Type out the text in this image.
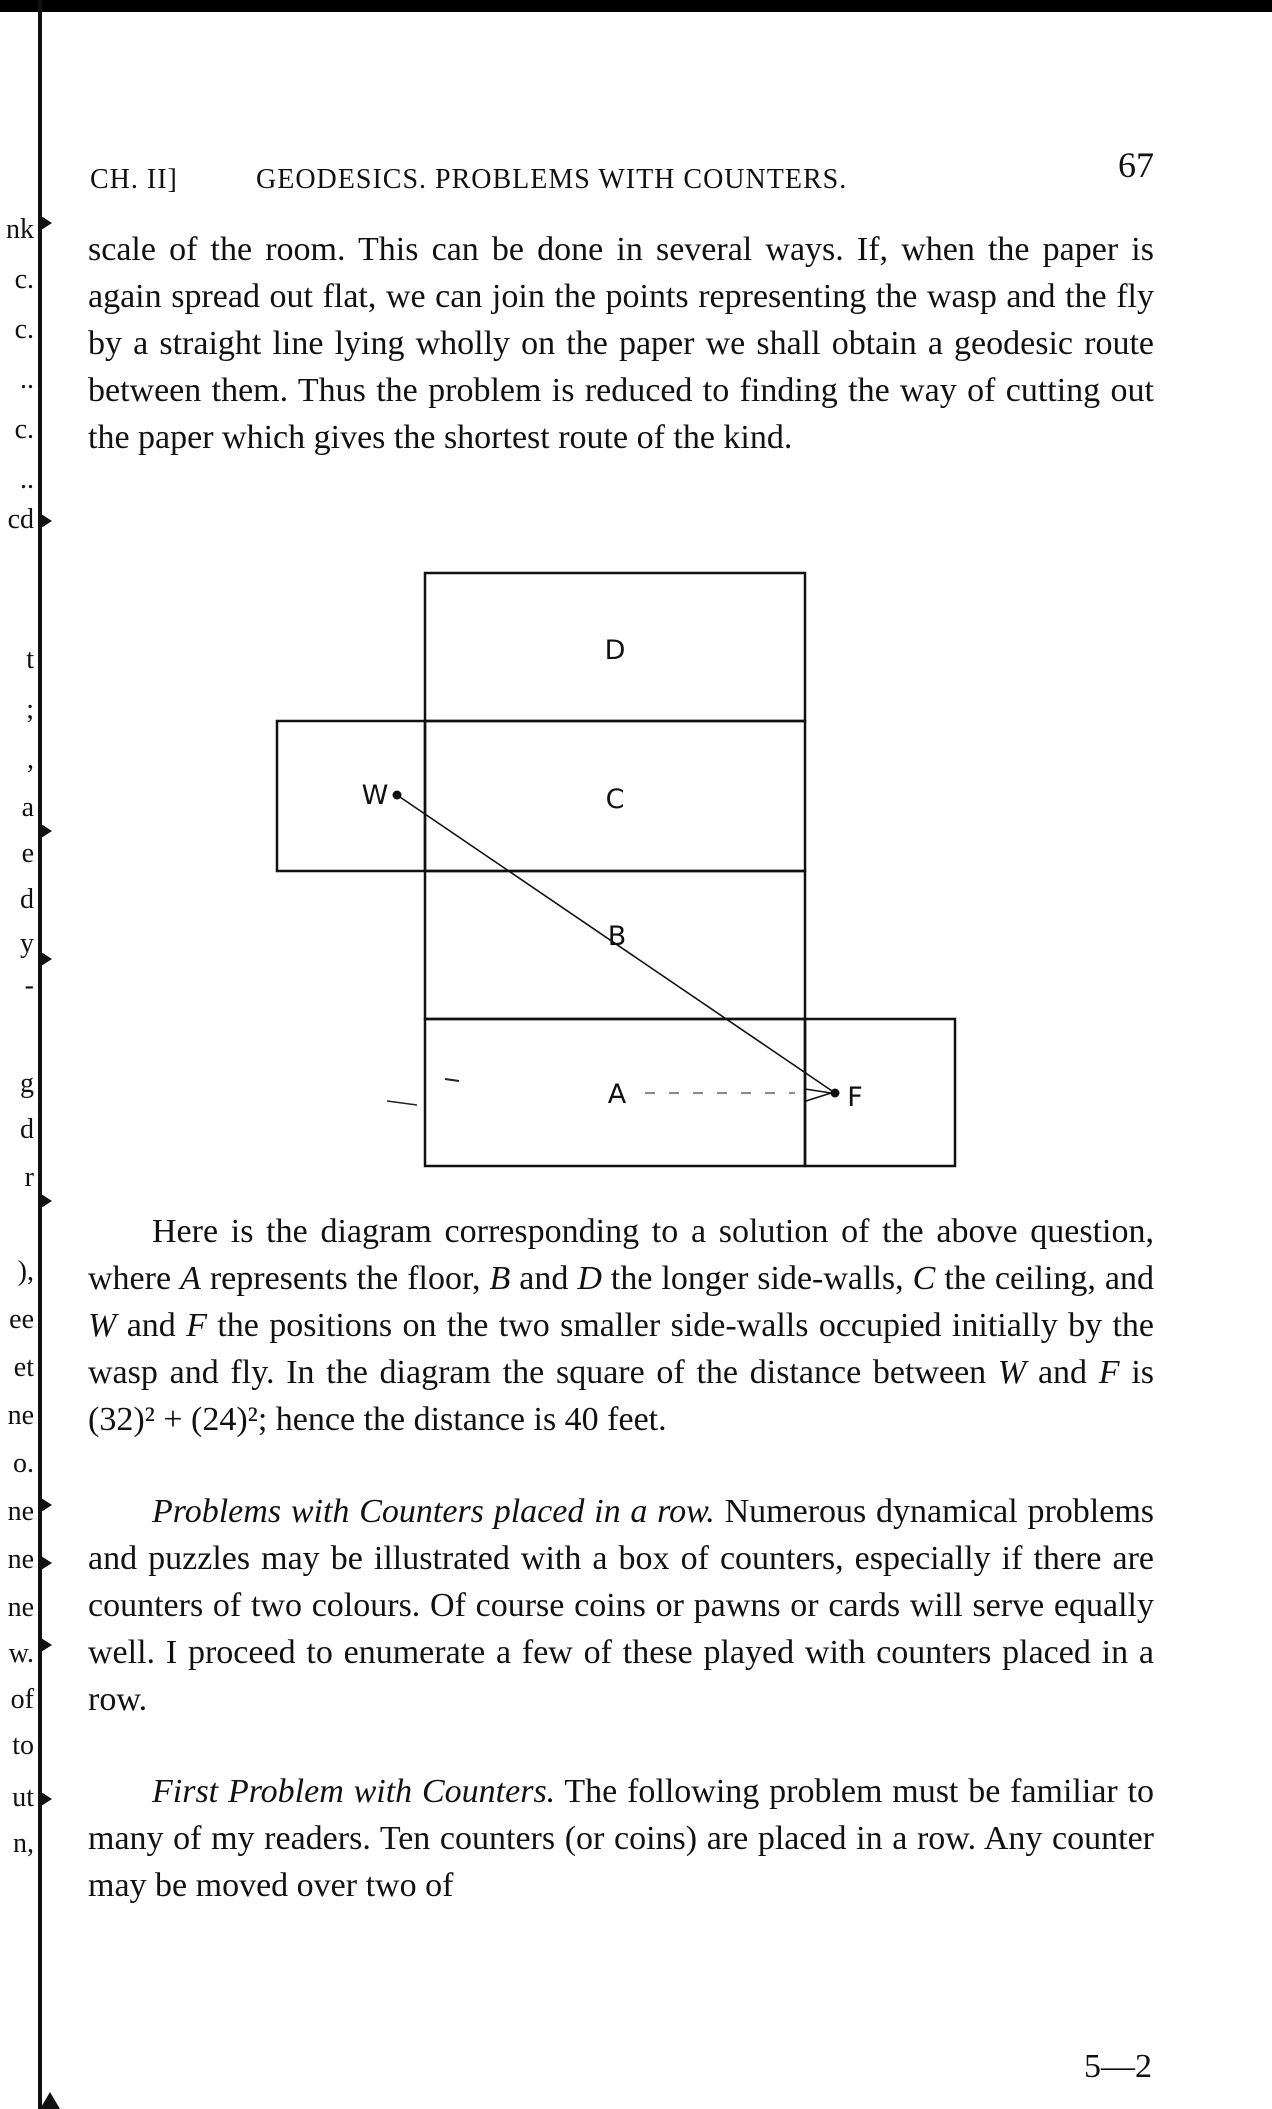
nk
c.
c.
..
c.
..
cd
t
;
,
a
e
d
y
-
g
d
r
),
ee
et
ne
o.
ne
ne
ne
w.
of
to
ut
n,
CH. II]	GEODESICS. PROBLEMS WITH COUNTERS.	67

scale of the room. This can be done in several ways. If, when the paper is again spread out flat, we can join the points representing the wasp and the fly by a straight line lying wholly on the paper we shall obtain a geodesic route between them. Thus the problem is reduced to finding the way of cutting out the paper which gives the shortest route of the kind.

Here is the diagram corresponding to a solution of the above question, where A represents the floor, B and D the longer side-walls, C the ceiling, and W and F the positions on the two smaller side-walls occupied initially by the wasp and fly. In the diagram the square of the distance between W and F is (32)² + (24)²; hence the distance is 40 feet.

Problems with Counters placed in a row. Numerous dynamical problems and puzzles may be illustrated with a box of counters, especially if there are counters of two colours. Of course coins or pawns or cards will serve equally well. I proceed to enumerate a few of these played with counters placed in a row.

First Problem with Counters. The following problem must be familiar to many of my readers. Ten counters (or coins) are placed in a row. Any counter may be moved over two of

5—2
D
C
W
B
A	F
